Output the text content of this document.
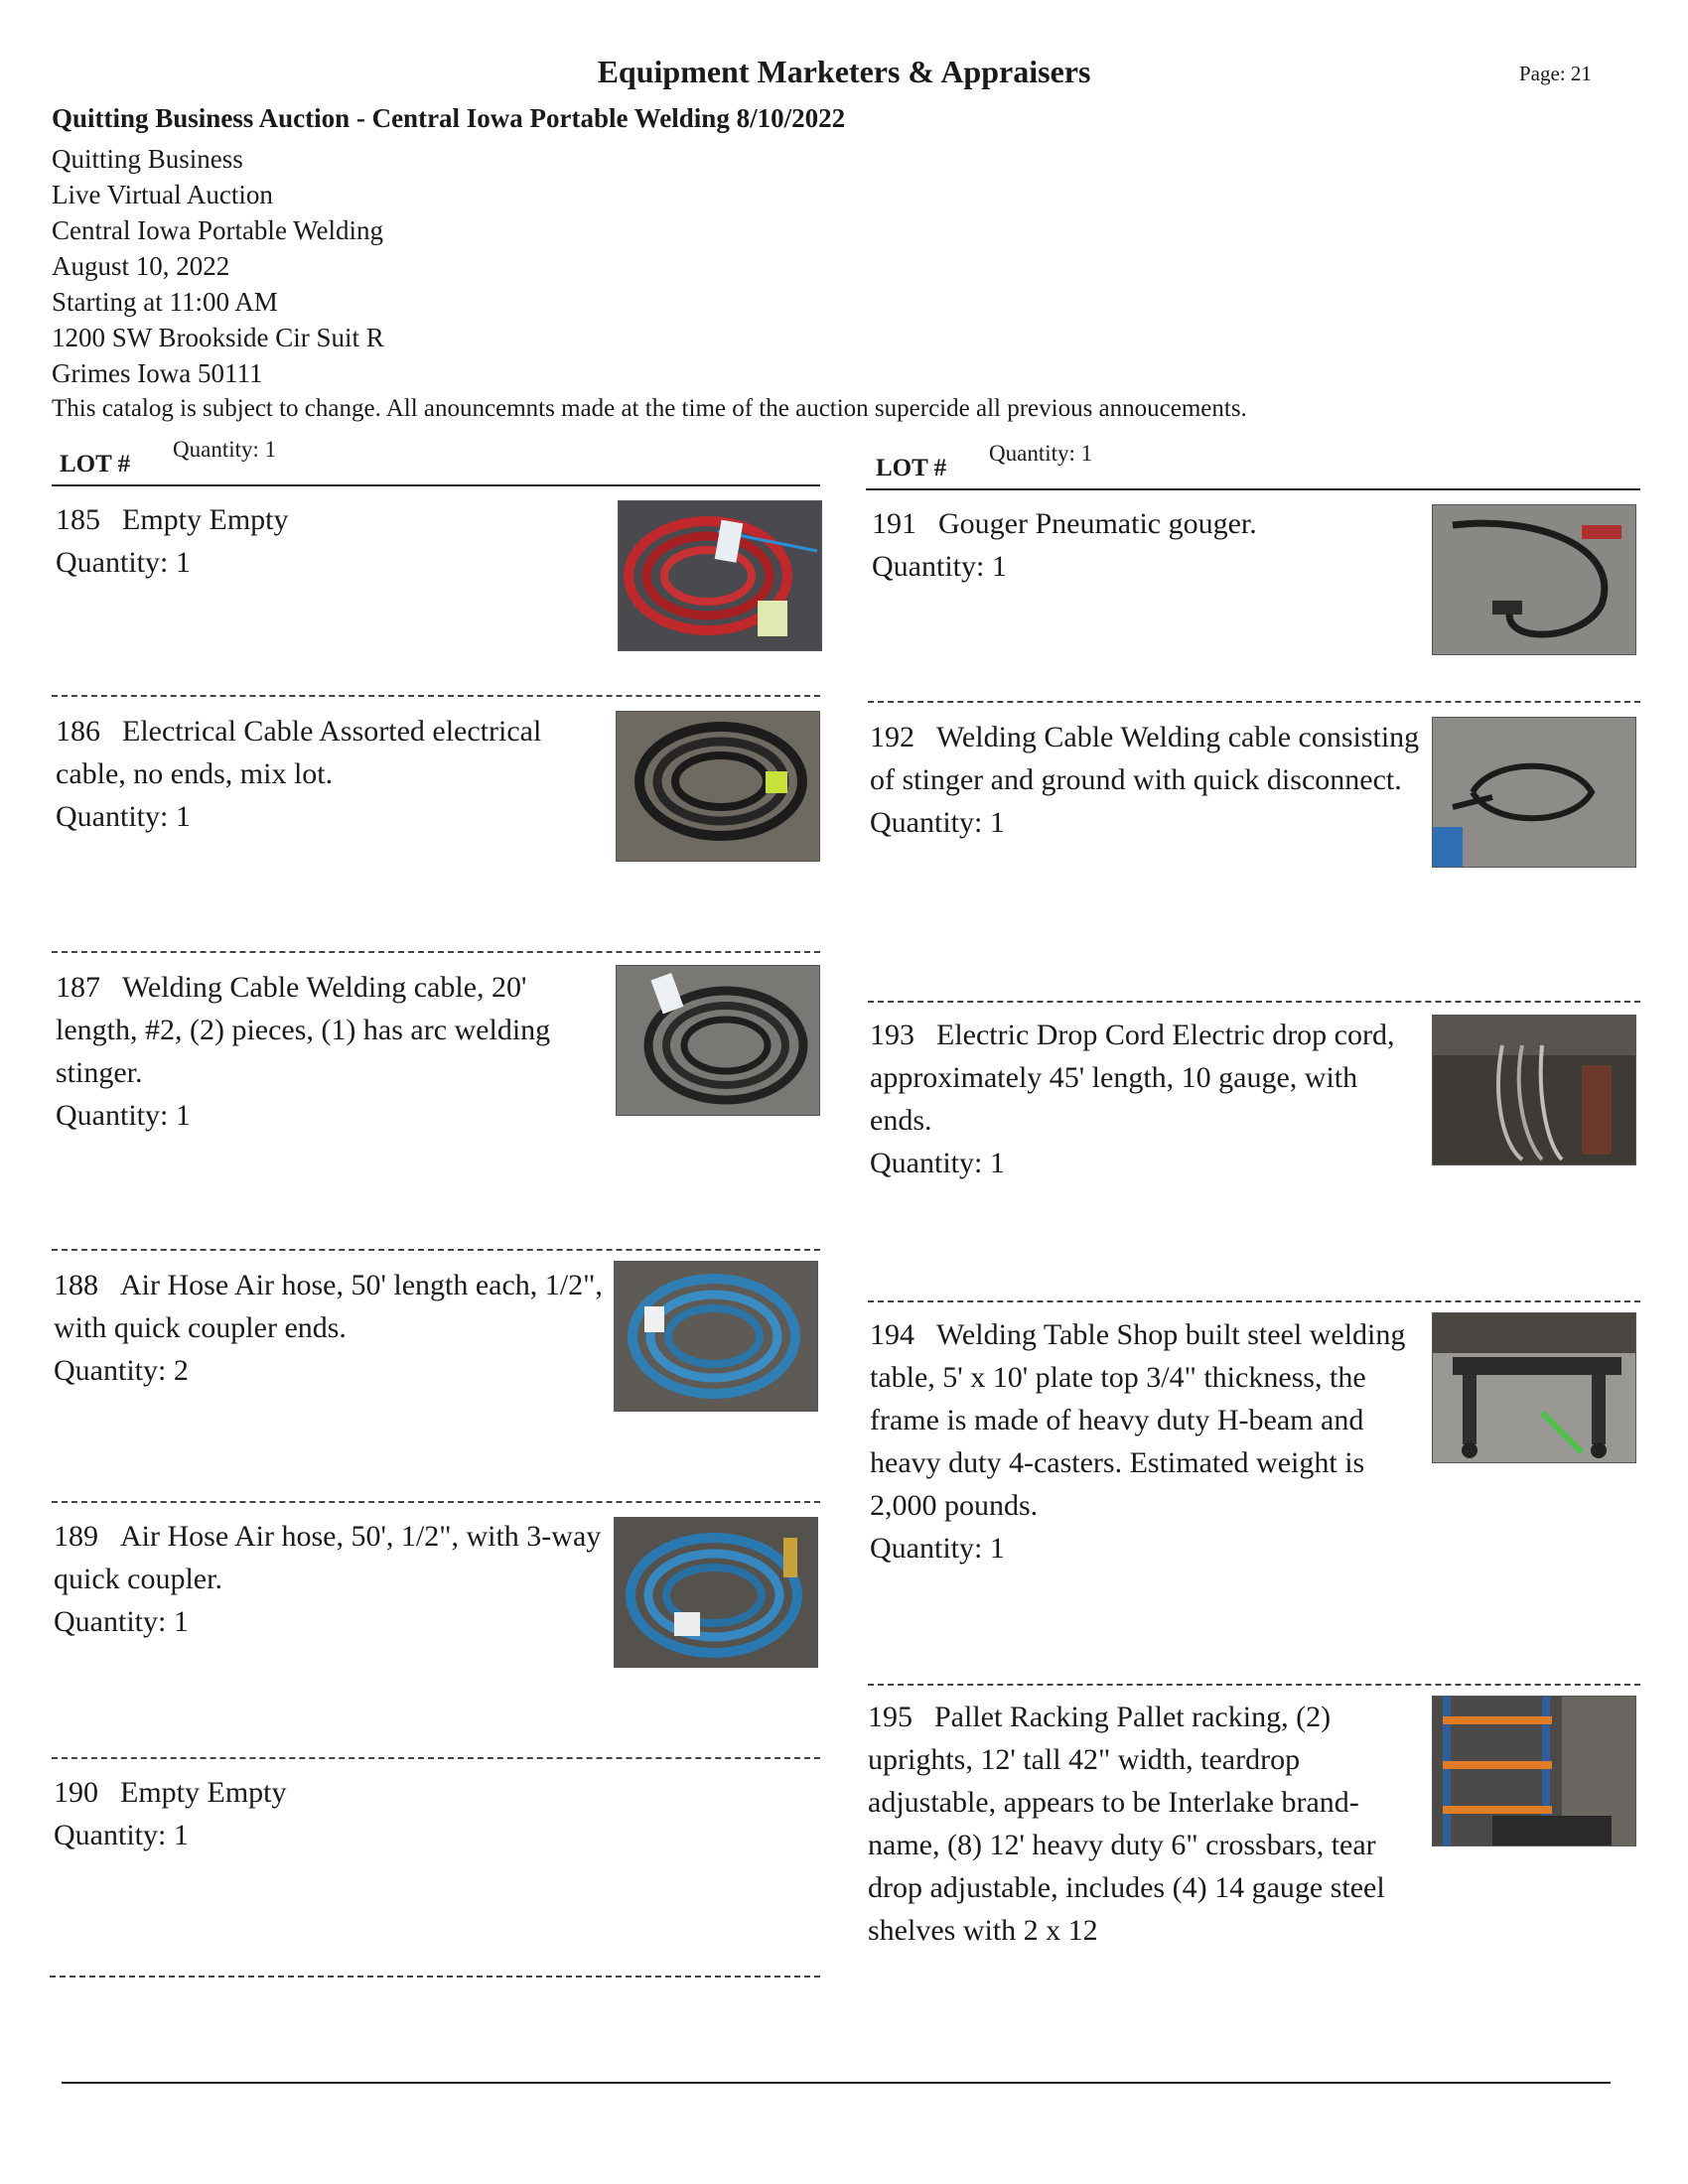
Equipment Marketers & Appraisers	Page: 21
Quitting Business Auction - Central Iowa Portable Welding 8/10/2022
Quitting Business
Live Virtual Auction
Central Iowa Portable Welding
August 10, 2022
Starting at 11:00 AM
1200 SW Brookside Cir Suit R
Grimes Iowa 50111
This catalog is subject to change. All anouncemnts made at the time of the auction supercide all previous annoucements.
LOT #
Quantity: 1
LOT #
Quantity: 1
185 Empty Empty
Quantity: 1
186 Electrical Cable Assorted electrical cable, no ends, mix lot.
Quantity: 1
187 Welding Cable Welding cable, 20' length, #2, (2) pieces, (1) has arc welding stinger.
Quantity: 1
188 Air Hose Air hose, 50' length each, 1/2", with quick coupler ends.
Quantity: 2
189 Air Hose Air hose, 50', 1/2", with 3-way quick coupler.
Quantity: 1
190 Empty Empty
Quantity: 1
191 Gouger Pneumatic gouger.
Quantity: 1
192 Welding Cable Welding cable consisting of stinger and ground with quick disconnect.
Quantity: 1
193 Electric Drop Cord Electric drop cord, approximately 45' length, 10 gauge, with ends.
Quantity: 1
194 Welding Table Shop built steel welding table, 5' x 10' plate top 3/4" thickness, the frame is made of heavy duty H-beam and heavy duty 4-casters. Estimated weight is 2,000 pounds.
Quantity: 1
195 Pallet Racking Pallet racking, (2) uprights, 12' tall 42" width, teardrop adjustable, appears to be Interlake brand-name, (8) 12' heavy duty 6" crossbars, tear drop adjustable, includes (4) 14 gauge steel shelves with 2 x 12
